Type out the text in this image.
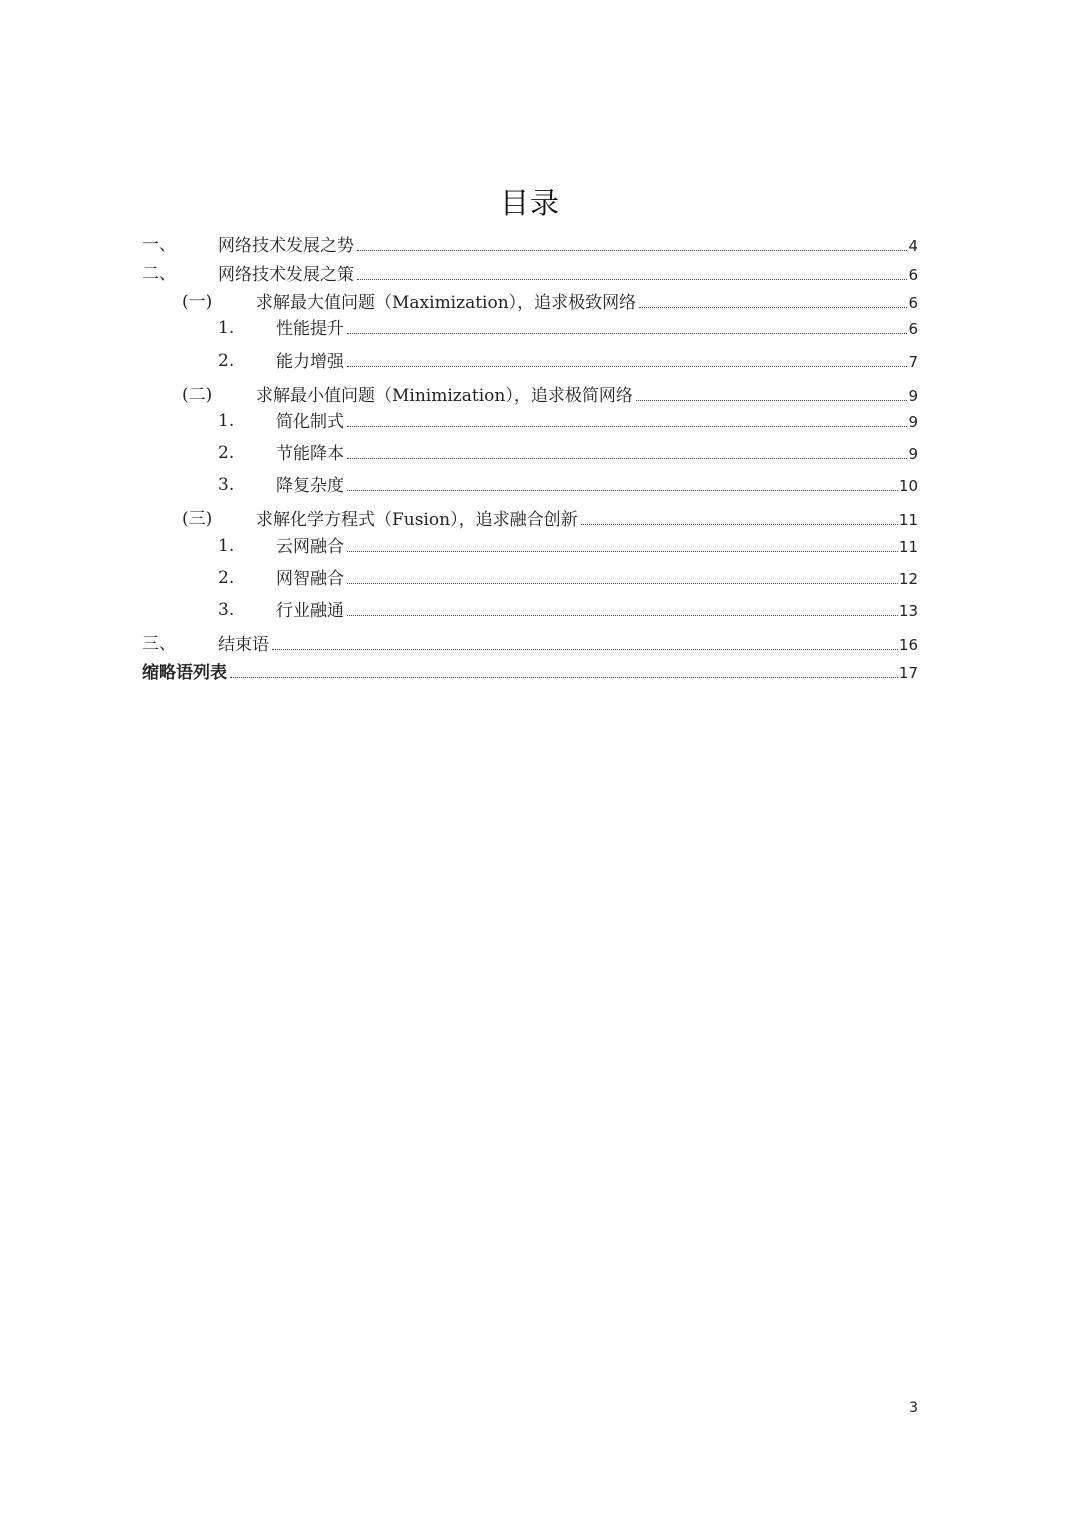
目录
一、 网络技术发展之势	4
二、 网络技术发展之策	6
(一)	求解最大值问题（Maximization），追求极致网络	6
1. 性能提升	6
2. 能力增强	7
(二)	求解最小值问题（Minimization），追求极简网络	9
1. 简化制式	9
2. 节能降本	9
3. 降复杂度	10
(三)	求解化学方程式（Fusion），追求融合创新	11
1. 云网融合	11
2. 网智融合	12
3. 行业融通	13
三、 结束语	16
缩略语列表	17
3
